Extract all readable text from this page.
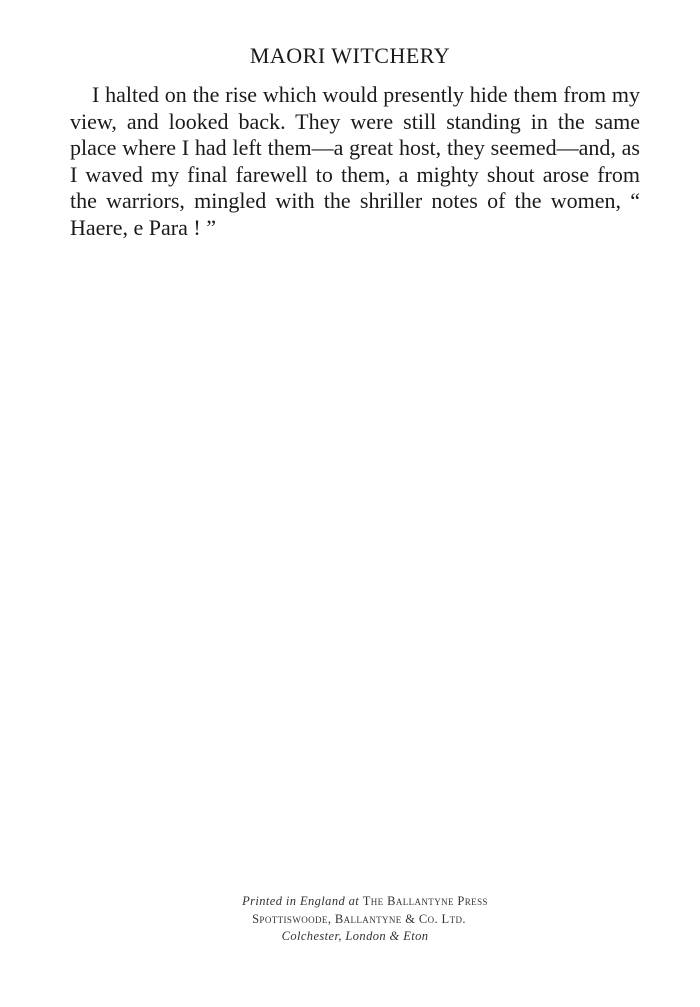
MAORI WITCHERY

I halted on the rise which would presently hide them from my view, and looked back. They were still standing in the same place where I had left them—a great host, they seemed—and, as I waved my final farewell to them, a mighty shout arose from the warriors, mingled with the shriller notes of the women, “ Haere, e Para ! ”

Printed in England at The Ballantyne Press
Spottiswoode, Ballantyne & Co. Ltd.
Colchester, London & Eton
